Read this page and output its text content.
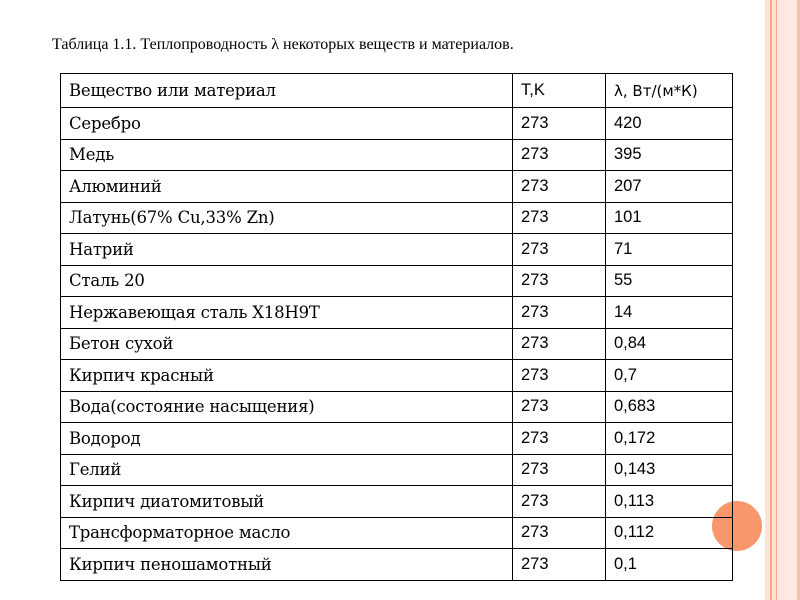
Таблица 1.1. Теплопроводность λ некоторых веществ и материалов.
Вещество или материал	T,K	λ, Вт/(м*К)
Серебро	273	420
Медь	273	395
Алюминий	273	207
Латунь(67% Cu,33% Zn)	273	101
Натрий	273	71
Сталь 20	273	55
Нержавеющая сталь Х18Н9Т	273	14
Бетон сухой	273	0,84
Кирпич красный	273	0,7
Вода(состояние насыщения)	273	0,683
Водород	273	0,172
Гелий	273	0,143
Кирпич диатомитовый	273	0,113
Трансформаторное масло	273	0,112
Кирпич пеношамотный	273	0,1
